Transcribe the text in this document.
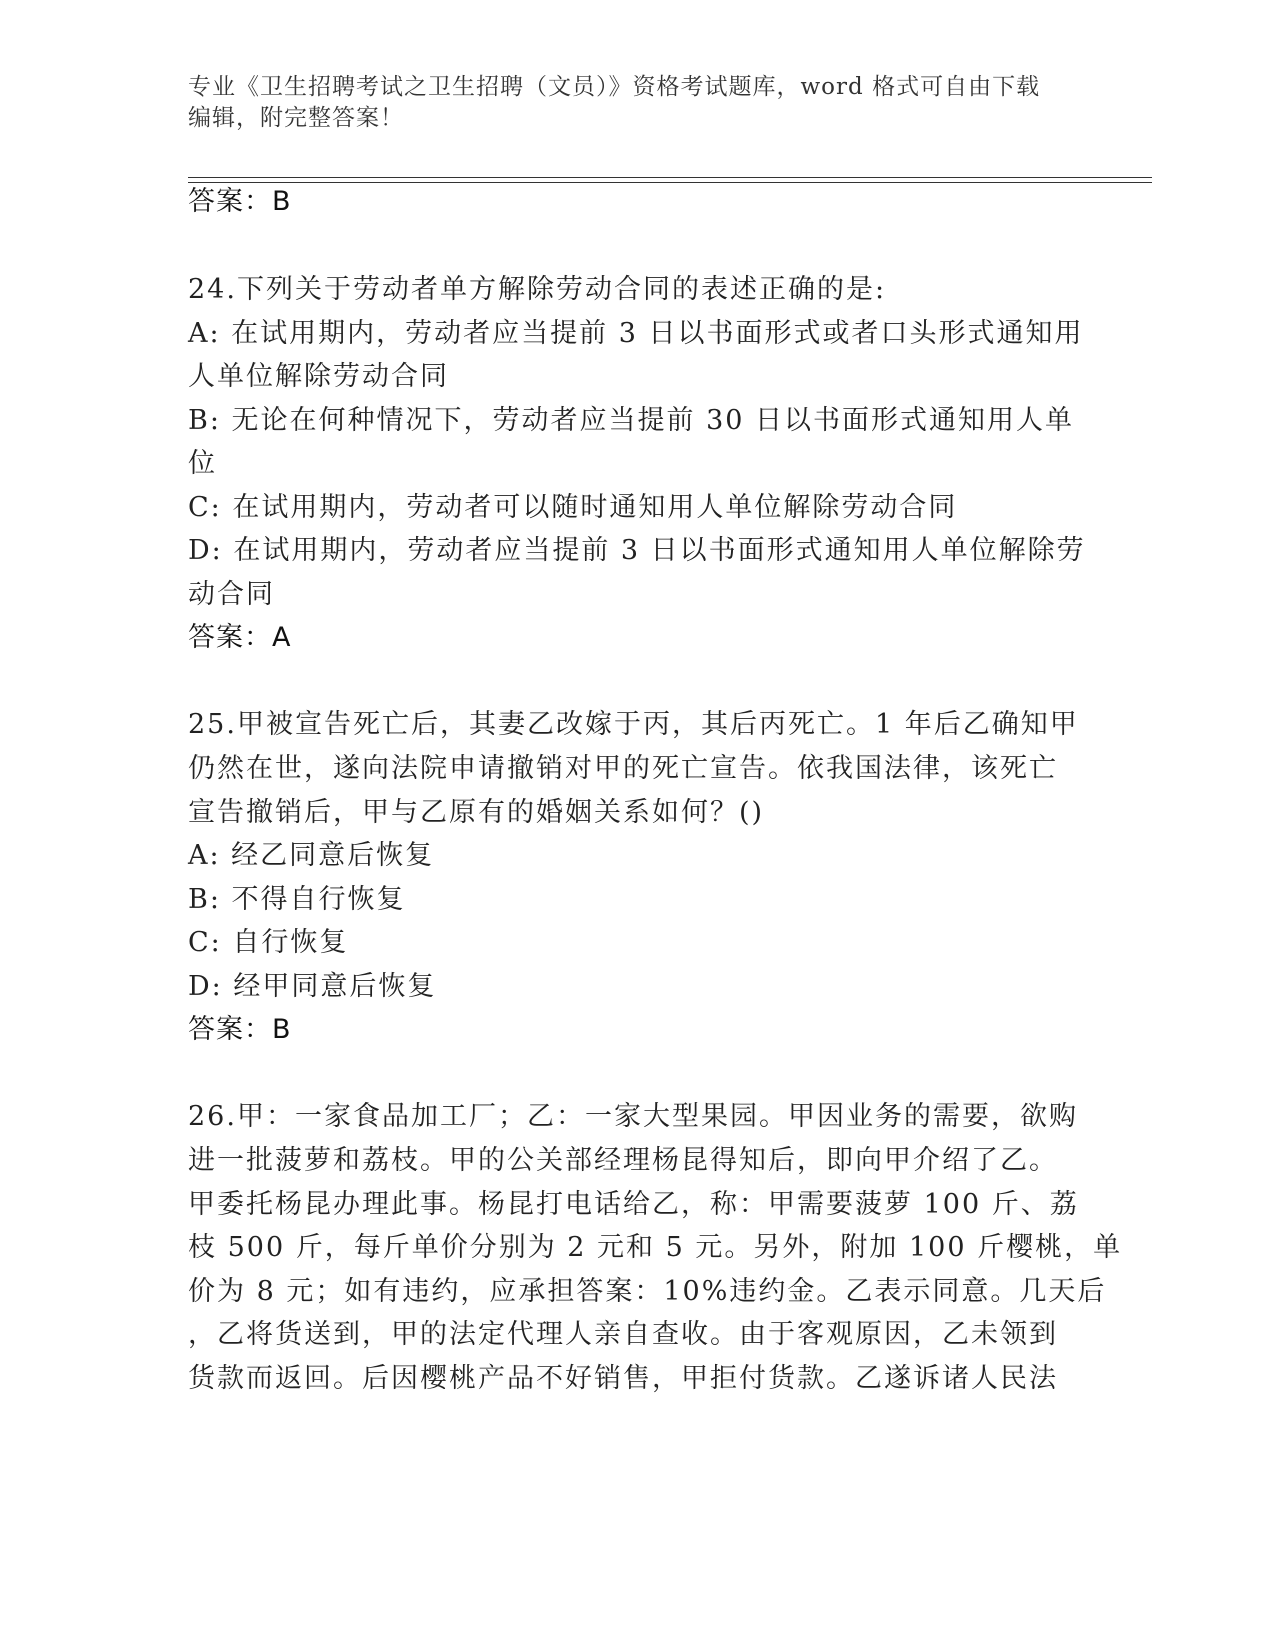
专业《卫生招聘考试之卫生招聘（文员）》资格考试题库，word 格式可自由下载
编辑，附完整答案！
答案：B
24.下列关于劳动者单方解除劳动合同的表述正确的是:
A: 在试用期内，劳动者应当提前 3 日以书面形式或者口头形式通知用
人单位解除劳动合同
B: 无论在何种情况下，劳动者应当提前 30 日以书面形式通知用人单
位
C: 在试用期内，劳动者可以随时通知用人单位解除劳动合同
D: 在试用期内，劳动者应当提前 3 日以书面形式通知用人单位解除劳
动合同
答案：A
25.甲被宣告死亡后，其妻乙改嫁于丙，其后丙死亡。1 年后乙确知甲
仍然在世，遂向法院申请撤销对甲的死亡宣告。依我国法律，该死亡
宣告撤销后，甲与乙原有的婚姻关系如何？()
A: 经乙同意后恢复
B: 不得自行恢复
C: 自行恢复
D: 经甲同意后恢复
答案：B
26.甲：一家食品加工厂；乙：一家大型果园。甲因业务的需要，欲购
进一批菠萝和荔枝。甲的公关部经理杨昆得知后，即向甲介绍了乙。
甲委托杨昆办理此事。杨昆打电话给乙，称：甲需要菠萝 100 斤、荔
枝 500 斤，每斤单价分别为 2 元和 5 元。另外，附加 100 斤樱桃，单
价为 8 元；如有违约，应承担答案：10%违约金。乙表示同意。几天后
，乙将货送到，甲的法定代理人亲自查收。由于客观原因，乙未领到
货款而返回。后因樱桃产品不好销售，甲拒付货款。乙遂诉诸人民法
